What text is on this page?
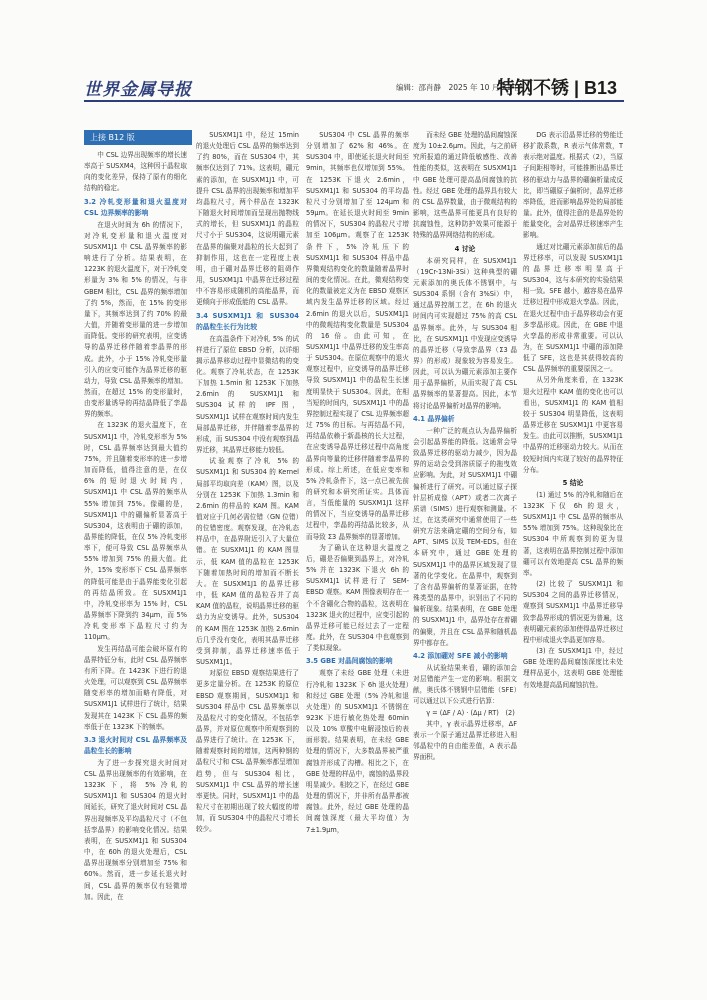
世界金属导报	编辑：邵肖静　2025 年 10 月 21 日
特钢不锈 | B13
上接 B12 版

中 CSL 边界出现频率的增长速率高于 SUSXM4，这种因于晶粒取向的变化差异，保持了原有的细化结构的稳定。

3.2 冷轧变形量和退火温度对 CSL 边界频率的影响

在退火时间为 6h 的情况下，对冷轧变形量和退火温度对 SUSXM1J1 中 CSL 晶界频率的影响进行了分析。结果表明，在 1223K 的退火温度下，对于冷轧变形量为 3% 和 5% 的情况，与非 GBEM 相比，CSL 晶界的频率增加了约 5%，然而，在 15% 的变形量下，其频率达到了约 70% 的最大值，并随着变形量的进一步增加而降低。变形的研究表明，应变诱导的晶界迁移伴随着孪晶界的形成。此外，小于 15% 冷轧变形量引入的应变可能作为晶界迁移的驱动力，导致 CSL 晶界频率的增加。然而，在超过 15% 的变形量时，由变形量诱导的再结晶降低了孪晶界的频率。

在 1323K 的退火温度下，在 SUSXM1J1 中，冷轧变形率为 5% 时，CSL 晶界频率达到最大值约 75%，并且随着变形率的进一步增加而降低，值得注意的是，在仅 6% 的短时退火时间内，SUSXM1J1 中 CSL 晶界的频率从 55% 增加到 75%。像硼的是，SUSXM1J1 中的硼偏析显著高于 SUS304，这表明由于硼的添加，晶界能的降低，在仅 5% 冷轧变形率下，便可导致 CSL 晶界频率从 55% 增加到 75% 的最大值。此外，15% 变形率下 CSL 晶界频率的降低可能是由于晶界能变化引起的再结晶所致。在 SUSXM1J1 中，冷轧变形率为 15% 时，CSL 晶界频率下降到约 34μm，而 5% 冷轧变形率下晶粒尺寸约为 110μm。

发生再结晶可能会破坏原有的晶界特征分布，此时 CSL 晶界频率有所下降。在 1423K 下进行的退火处理，可以观察到 CSL 晶界频率随变形率的增加而略有降低，对 SUSXM1J1 试样进行了统计，结果发现其在 1423K 下 CSL 晶界的频率低于在 1323K 下的频率。

3.3 退火时间对 CSL 晶界频率及晶粒生长的影响

为了进一步探究退火时间对 CSL 晶界出现频率的有效影响，在 1323K 下，将 5% 冷轧的 SUSXM1J1 和 SUS304 的退火时间延长，研究了退火时间对 CSL 晶界出现频率及平均晶粒尺寸（不包括孪晶界）的影响变化情况。结果表明，在 SUSXM1J1 和 SUS304 中，在 60h 的退火处理后，CSL 晶界出现频率分别增加至 75% 和 60%。然而，进一步延长退火时间，CSL 晶界的频率仅有轻微增加。因此，在

SUSXM1J1 中，经过 15min 的退火处理后 CSL 晶界的频率达到了约 80%，而在 SUS304 中，其频率仅达到了 71%。这表明，硼元素的添加，在 SUSXM1J1 中，可提升 CSL 晶界的出现频率和增加平均晶粒尺寸，两个样品在 1323K 下随退火时间增加而呈现出抛物线式的增长，但 SUSXM1J1 的晶粒尺寸小于 SUS304，这说明硼元素在晶界的偏聚对晶粒的长大起到了抑制作用，这也在一定程度上表明，由于硼对晶界迁移的阻碍作用，SUSXM1J1 中晶界在迁移过程中不容易形成随机的高能晶界，而更倾向于形成低能的 CSL 晶界。

3.4 SUSXM1J1 和 SUS304 的晶粒生长行为比较

在高温条件下对冷轧 5% 的试样进行了原位 EBSD 分析，以详细揭示晶界移动过程中显微结构的变化。观察了冷轧状态，在 1253K 下加热 1.5min 和 1253K 下加热 2.6min 的 SUSXM1J1 和 SUS304 试样的 IPF 图，SUSXM1J1 试样在观察时间内发生局部晶界迁移，并伴随着孪晶界的形成，而 SUS304 中没有观察到晶界迁移，其晶界迁移能力较低。

试验观察了冷轧 5% 的 SUSXM1J1 和 SUS304 的 Kernel 局部平均取向差（KAM）图，以及分别在 1253K 下加热 1.3min 和 2.6min 的样品的 KAM 图。KAM 值对应于几何必需位错（GN 位错）的位错密度。观察发现，在冷轧态样品中，在晶界附近引入了大量位错。在 SUSXM1J1 的 KAM 图显示，低 KAM 值的晶粒在 1253K 下随着加热时间的增加而不断长大。在 SUSXM1J1 的晶界迁移中，低 KAM 值的晶粒吞并了高 KAM 值的晶粒，说明晶界迁移的驱动力为应变诱导。此外，SUS304 的 KAM 图在 1253K 加热 2.6min 后几乎没有变化，表明其晶界迁移受到抑制，晶界迁移速率低于 SUSXM1J1。

对原位 EBSD 观察结果进行了更多定量分析。在 1253K 的原位 EBSD 观察期间，SUSXM1J1 和 SUS304 样品中 CSL 晶界频率以及晶粒尺寸的变化情况，不包括孪晶界，并对原位观察中所观察到的晶界进行了统计。在 1253K 下，随着观察时间的增加，这两种钢的晶粒尺寸和 CSL 晶界频率都呈增加趋势，但与 SUS304 相比，SUSXM1J1 中 CSL 晶界的增长速率更快。同时，SUSXM1J1 中的晶粒尺寸在初期出现了较大幅度的增加，而 SUS304 中的晶粒尺寸增长较少。

SUS304 中 CSL 晶界的频率分别增加了 62% 和 46%。在 SUS304 中，即使延长退火时间至 9min，其频率也仅增加到 55%。在 1253K 下退火 2.6min，SUSXM1J1 和 SUS304 的平均晶粒尺寸分别增加了至 124μm 和 59μm。在延长退火时间至 9min 的情况下，SUS304 的晶粒尺寸增加至 106μm。观察了在 1253K 条件下，5% 冷轧压下的 SUSXM1J1 和 SUS304 样品中晶界微观结构变化的数量随着晶界时间的变化情况。在此，微观结构变化的数量被定义为在 EBSD 观察区域内发生晶界迁移的区域。经过 2.6min 的退火以后，SUSXM1J1 中的微观结构变化数量是 SUS304 的 16 倍。由此可知，在 SUSXM1J1 中晶界迁移的发生率高于 SUS304。在原位观察中的退火观察过程中，应变诱导的晶界迁移导致 SUSXM1J1 中的晶粒生长速度明显快于 SUS304。因此，在相当短的时间内，SUSXM1J1 中的晶界控制过程实现了 CSL 边界频率超过 75% 的目标。与再结晶不同，再结晶依赖于新晶核的长大过程，在应变诱导晶界迁移过程中高角度晶界向等量的迁移伴随着孪晶界的形成。综上所述，在低应变率和 5% 冷轧条件下，这一点已被先前的研究和本研究所证实。具体而言，当低能量的 SUSXM1J1 这样的情况下，当应变诱导的晶界迁移过程中，孪晶的再结晶比较多，从而导致 Σ3 晶界频率的显著增加。

为了确认在这种退火温度之后，硼是否偏聚到晶界上，对冷轧 5% 并在 1323K 下退火 6h 的 SUSXM1J1 试样进行了 SEM-EBSD 观察。KAM 图像表明存在一个不含硼化合物的晶粒，这表明在 1323K 退火的过程中，应变引起的晶界迁移可能已经过去了一定程度。此外，在 SUS304 中也观察到了类似现象。

3.5 GBE 对晶间腐蚀的影响

观察了未经 GBE 处理（未进行冷轧和 1323K 下 6h 退火处理）和经过 GBE 处理（5% 冷轧和退火处理）的 SUSXM1J1 不锈钢在 923K 下进行敏化热处理 60min 以及 10% 草酸中电解浸蚀后的表面形貌。结果表明，在未经 GBE 处理的情况下，大多数晶界被严重腐蚀并形成了沟槽。相比之下，在 GBE 处理的样品中，腐蚀的晶界段明显减少。相较之下，在经过 GBE 处理的情况下，并非所有晶界都被腐蚀。此外，经过 GBE 处理的晶间腐蚀深度（最大平均值）为 7±1.9μm，

而未经 GBE 处理的晶间腐蚀深度为 10±2.6μm。因此，与之前研究所报道的通过降低敏感性、改善性能的类似，这表明在 SUSXM1J1 中 GBE 处理可提高晶间腐蚀的抗性。经过 GBE 处理的晶界具有较大的 CSL 晶界数量，由于微观结构的影响，这些晶界可能更具有良好的抗腐蚀性，这种防护效果可能源于特殊的晶界网络结构的形成。

4 讨论

本研究同样，在 SUSXM1J1（19Cr-13Ni-3Si）这种典型的硼元素添加的奥氏体不锈钢中，与 SUS304 系钢（含有 3%Si）中，通过晶界控制工艺，在 6h 的退火时间内可实现超过 75% 的高 CSL 晶界频率。此外，与 SUS304 相比，在 SUSXM1J1 中发现应变诱导的晶界迁移（导致孪晶界（Σ3 晶界）的形成）现象较为容易发生。因此，可以认为硼元素添加主要作用于晶界偏析，从而实现了高 CSL 晶界频率的显著提高。因此，本节将讨论晶界偏析对晶界的影响。

4.1 晶界偏析

一种广泛的观点认为晶界偏析会引起晶界能的降低。这通常会导致晶界迁移的驱动力减少，因为晶界的运动会受到溶质原子的拖曳效应影响。为此，对 SUSXM1J1 中硼偏析进行了研究。可以通过原子探针层析成像（APT）或者二次离子质谱（SIMS）进行观察和测量。不过，在这类研究中通常使用了一些研究方法来确定硼的空间分布，如 APT、SIMS 以及 TEM-EDS。但在本研究中，通过 GBE 处理的 SUSXM1J1 中的晶界区域发现了显著的化学变化。在晶界中，观察到了含有晶界偏析的显著证据，在特殊类型的晶界中，识别出了不同的偏析现象。结果表明，在 GBE 处理的 SUSXM1J1 中，晶界处存在着硼的偏聚，并且在 CSL 晶界和随机晶界中都存在。

4.2 添加硼对 SFE 减小的影响

从试验结果来看，硼的添加会对层错能产生一定的影响。根据文献，奥氏体不锈钢中层错能（SFE）可以通过以下公式进行估算：

γ = (ΔF / A) · (Δμ / RT)　(2)

其中，γ 表示晶界迁移率，ΔF 表示一个原子通过晶界迁移进入相邻晶粒中的自由能差值，A 表示晶界面积。

DG 表示沿晶界迁移的势能迁移扩散系数，R 表示气体常数，T 表示绝对温度。根据式（2），当原子间距相等时，可能推断出晶界迁移的驱动力与晶界的硼偏析量成反比，即当硼原子偏析时，晶界迁移率降低，进而影响晶界处的局部能量。此外，值得注意的是晶界处的能量变化，会对晶界迁移速率产生影响。

通过对比硼元素添加前后的晶界迁移率，可以发现 SUSXM1J1 的晶界迁移率明显高于 SUS304，这与本研究的实验结果相一致。SFE 越小，越容易在晶界迁移过程中形成退火孪晶。因此，在退火过程中由于晶界移动会有更多孪晶形成。因此，在 GBE 中退火孪晶的形成非常重要。可以认为，在 SUSXM1J1 中硼的添加降低了 SFE，这也是其获得较高的 CSL 晶界频率的重要原因之一。

从另外角度来看，在 1323K 退火过程中 KAM 值的变化也可以看出，SUSXM1J1 的 KAM 值相较于 SUS304 明显降低，这表明晶界迁移在 SUSXM1J1 中更容易发生。由此可以推断，SUSXM1J1 中晶界的迁移驱动力较大。从而在较短时间内实现了较好的晶界特征分布。

5 结论

(1) 通过 5% 的冷轧和随后在 1323K 下仅 6h 的退火，SUSXM1J1 中 CSL 晶界的频率从 55% 增加到 75%。这种现象比在 SUS304 中所观察到的更为显著，这表明在晶界控制过程中添加硼可以有效地提高 CSL 晶界的频率。

(2) 比较了 SUSXM1J1 和 SUS304 之间的晶界迁移情况，观察到 SUSXM1J1 中晶界迁移导致孪晶界形成的情况更为普遍，这表明硼元素的添加使得晶界迁移过程中形成退火孪晶更加容易。

(3) 在 SUSXM1J1 中，经过 GBE 处理的晶间腐蚀深度比未处理样品更小，这表明 GBE 处理能有效地提高晶间腐蚀抗性。
